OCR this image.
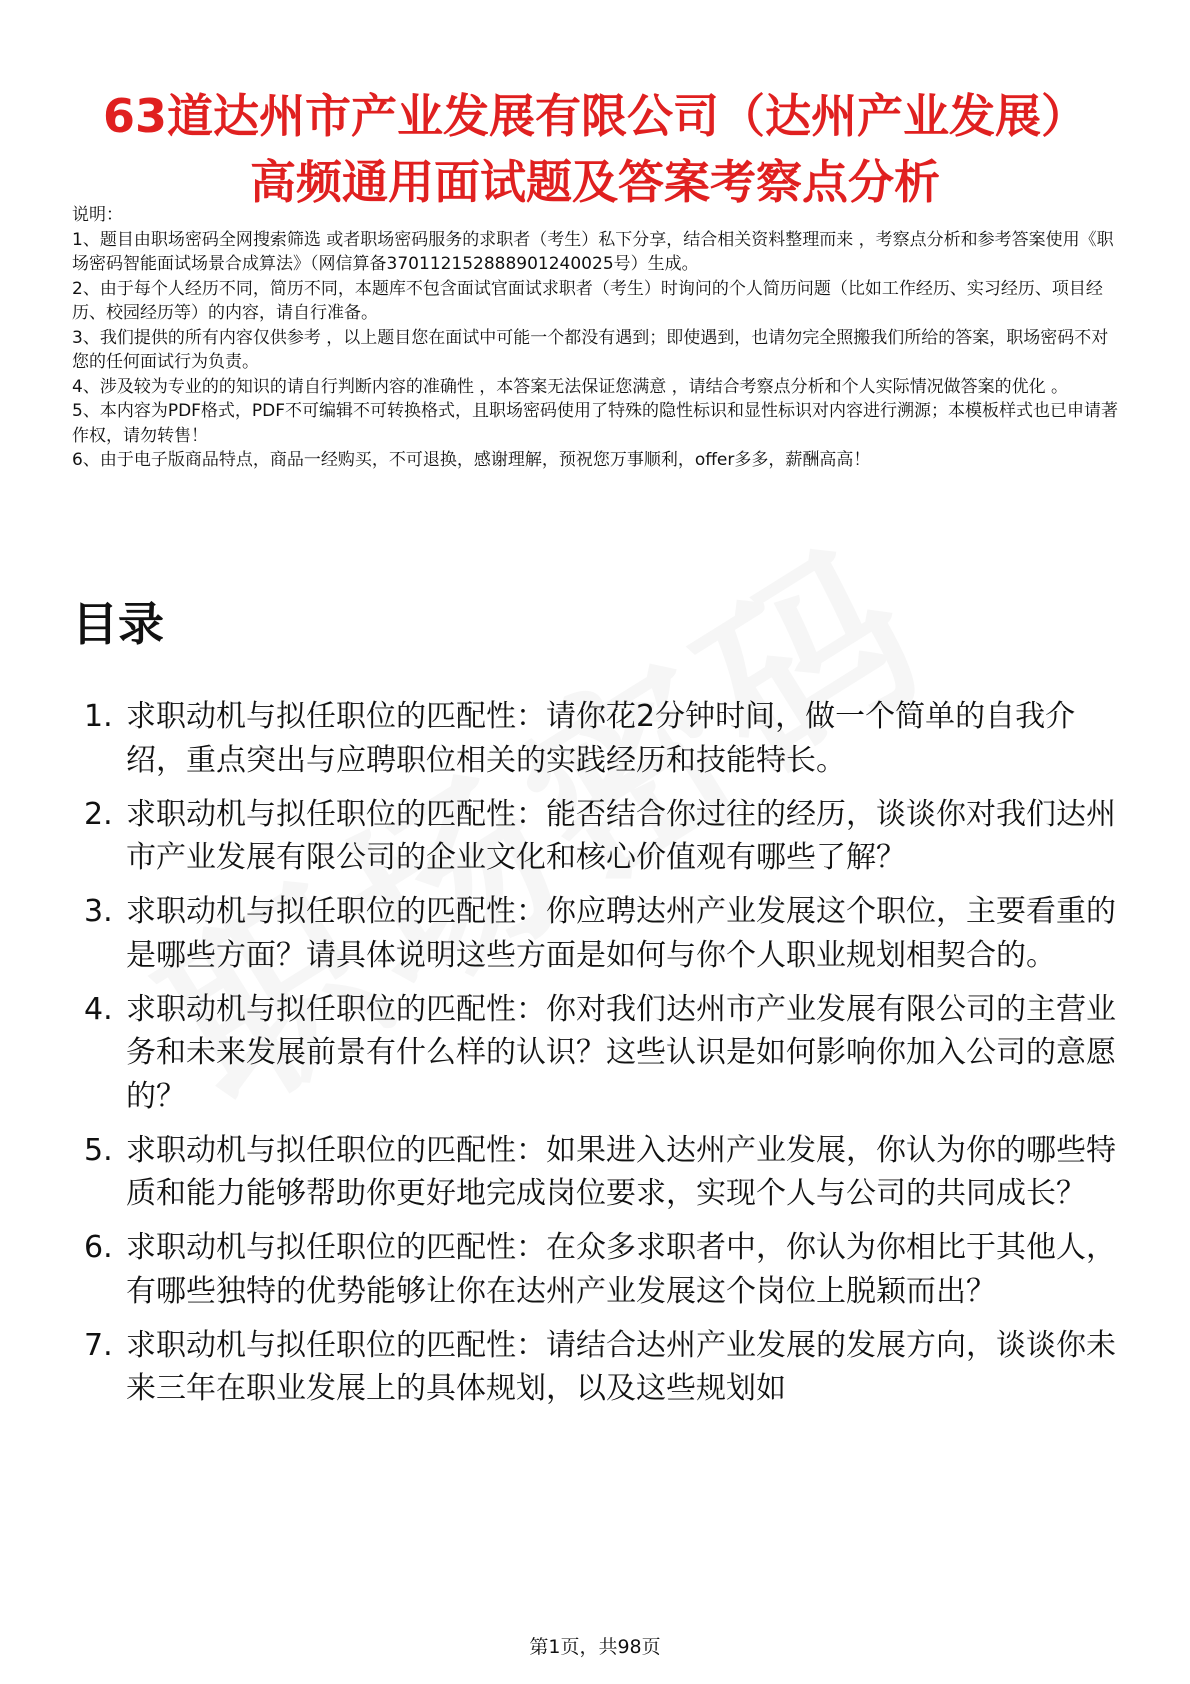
63道达州市产业发展有限公司（达州产业发展）高频通用面试题及答案考察点分析

说明：

1、题目由职场密码全网搜索筛选 或者职场密码服务的求职者（考生）私下分享，结合相关资料整理而来 ，考察点分析和参考答案使用《职场密码智能面试场景合成算法》（网信算备370112152888901240025号）生成。

2、由于每个人经历不同，简历不同，本题库不包含面试官面试求职者（考生）时询问的个人简历问题（比如工作经历、实习经历、项目经历、校园经历等）的内容，请自行准备。

3、我们提供的所有内容仅供参考 ，以上题目您在面试中可能一个都没有遇到；即使遇到，也请勿完全照搬我们所给的答案，职场密码不对您的任何面试行为负责。

4、涉及较为专业的的知识的请自行判断内容的准确性 ，本答案无法保证您满意 ，请结合考察点分析和个人实际情况做答案的优化 。

5、本内容为PDF格式，PDF不可编辑不可转换格式，且职场密码使用了特殊的隐性标识和显性标识对内容进行溯源；本模板样式也已申请著作权，请勿转售！

6、由于电子版商品特点，商品一经购买，不可退换，感谢理解，预祝您万事顺利，offer多多，薪酬高高！

目录
1. 求职动机与拟任职位的匹配性：请你花2分钟时间，做一个简单的自我介绍，重点突出与应聘职位相关的实践经历和技能特长。
2. 求职动机与拟任职位的匹配性：能否结合你过往的经历，谈谈你对我们达州市产业发展有限公司的企业文化和核心价值观有哪些了解？
3. 求职动机与拟任职位的匹配性：你应聘达州产业发展这个职位，主要看重的是哪些方面？请具体说明这些方面是如何与你个人职业规划相契合的。
4. 求职动机与拟任职位的匹配性：你对我们达州市产业发展有限公司的主营业务和未来发展前景有什么样的认识？这些认识是如何影响你加入公司的意愿的？
5. 求职动机与拟任职位的匹配性：如果进入达州产业发展，你认为你的哪些特质和能力能够帮助你更好地完成岗位要求，实现个人与公司的共同成长？
6. 求职动机与拟任职位的匹配性：在众多求职者中，你认为你相比于其他人，有哪些独特的优势能够让你在达州产业发展这个岗位上脱颖而出？
7. 求职动机与拟任职位的匹配性：请结合达州产业发展的发展方向，谈谈你未来三年在职业发展上的具体规划，以及这些规划如
第1页，共98页
